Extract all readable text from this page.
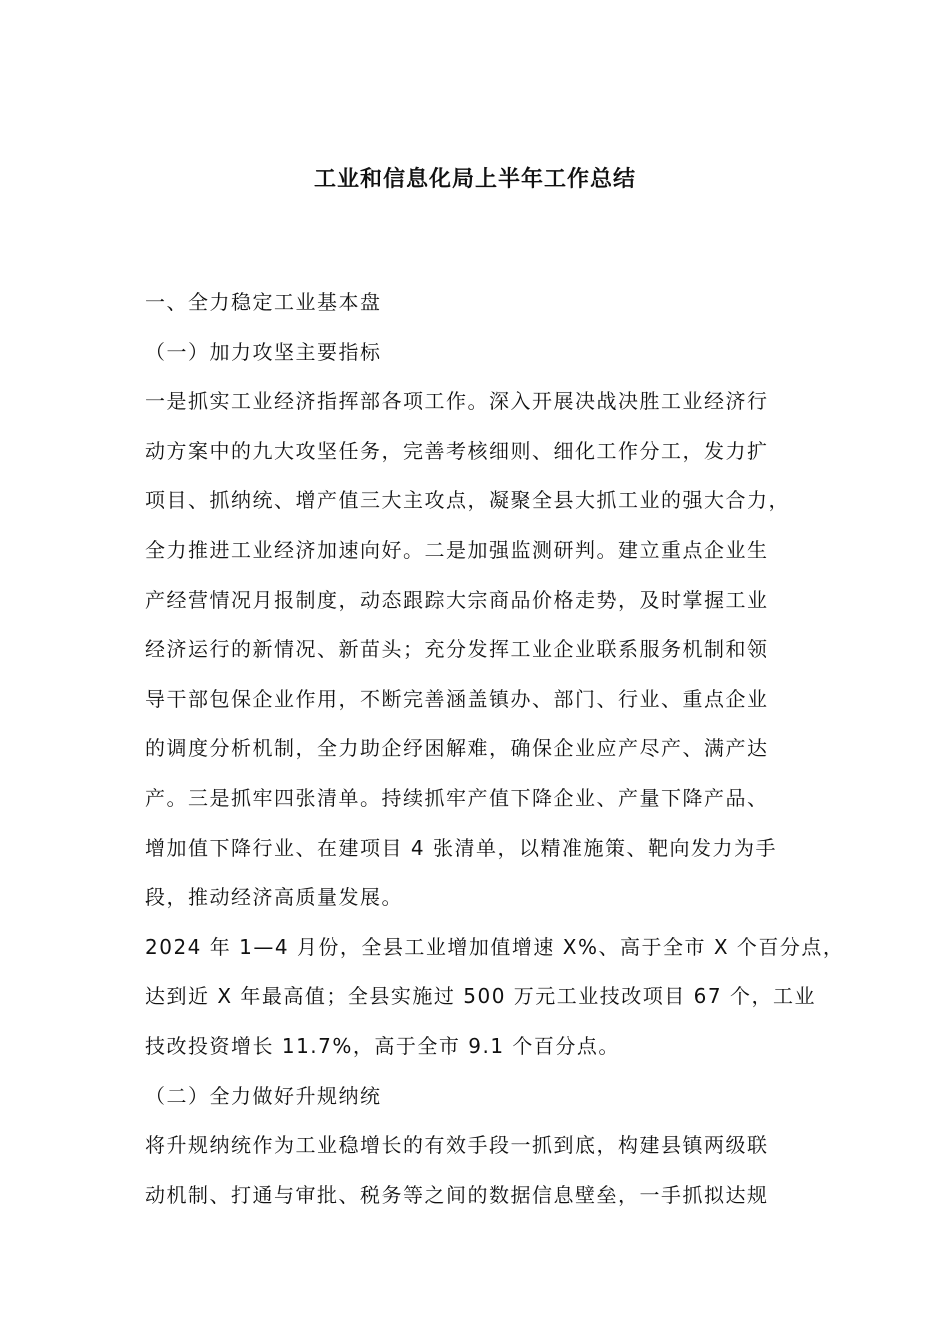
工业和信息化局上半年工作总结
一、全力稳定工业基本盘
（一）加力攻坚主要指标
一是抓实工业经济指挥部各项工作。深入开展决战决胜工业经济行
动方案中的九大攻坚任务，完善考核细则、细化工作分工，发力扩
项目、抓纳统、增产值三大主攻点，凝聚全县大抓工业的强大合力，
全力推进工业经济加速向好。二是加强监测研判。建立重点企业生
产经营情况月报制度，动态跟踪大宗商品价格走势，及时掌握工业
经济运行的新情况、新苗头；充分发挥工业企业联系服务机制和领
导干部包保企业作用，不断完善涵盖镇办、部门、行业、重点企业
的调度分析机制，全力助企纾困解难，确保企业应产尽产、满产达
产。三是抓牢四张清单。持续抓牢产值下降企业、产量下降产品、
增加值下降行业、在建项目 4 张清单，以精准施策、靶向发力为手
段，推动经济高质量发展。
2024 年 1—4 月份，全县工业增加值增速 X%、高于全市 X 个百分点，
达到近 X 年最高值；全县实施过 500 万元工业技改项目 67 个，工业
技改投资增长 11.7%，高于全市 9.1 个百分点。
（二）全力做好升规纳统
将升规纳统作为工业稳增长的有效手段一抓到底，构建县镇两级联
动机制、打通与审批、税务等之间的数据信息壁垒，一手抓拟达规
